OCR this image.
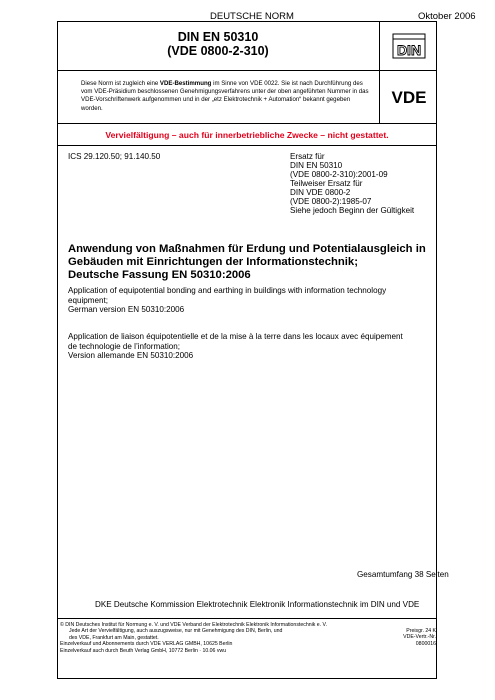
DEUTSCHE NORM	Oktober 2006
DIN EN 50310
(VDE 0800-2-310)	DIN
Diese Norm ist zugleich eine VDE-Bestimmung im Sinne von VDE 0022. Sie ist nach Durchführung des vom VDE-Präsidium beschlossenen Genehmigungsverfahrens unter der oben angeführten Nummer in das VDE-Vorschriftenwerk aufgenommen und in der „etz Elektrotechnik + Automation“ bekannt gegeben worden.
VDE
Vervielfältigung – auch für innerbetriebliche Zwecke – nicht gestattet.
ICS 29.120.50; 91.140.50	Ersatz für
DIN EN 50310
(VDE 0800-2-310):2001-09
Teilweiser Ersatz für
DIN VDE 0800-2
(VDE 0800-2):1985-07
Siehe jedoch Beginn der Gültigkeit
Anwendung von Maßnahmen für Erdung und Potentialausgleich in
Gebäuden mit Einrichtungen der Informationstechnik;
Deutsche Fassung EN 50310:2006
Application of equipotential bonding and earthing in buildings with information technology
equipment;
German version EN 50310:2006
Application de liaison équipotentielle et de la mise à la terre dans les locaux avec équipement
de technologie de l’information;
Version allemande EN 50310:2006
Gesamtumfang 38 Seiten
DKE Deutsche Kommission Elektrotechnik Elektronik Informationstechnik im DIN und VDE
© DIN Deutsches Institut für Normung e. V. und VDE Verband der Elektrotechnik Elektronik Informationstechnik e. V.
Jede Art der Vervielfältigung, auch auszugsweise, nur mit Genehmigung des DIN, Berlin, und
des VDE, Frankfurt am Main, gestattet.
Einzelverkauf und Abonnements durch VDE VERLAG GMBH, 10625 Berlin
Einzelverkauf auch durch Beuth Verlag GmbH, 10772 Berlin · 10.06 vwu
Preisgr. 24 K
VDE-Vertr.-Nr. 0800016
